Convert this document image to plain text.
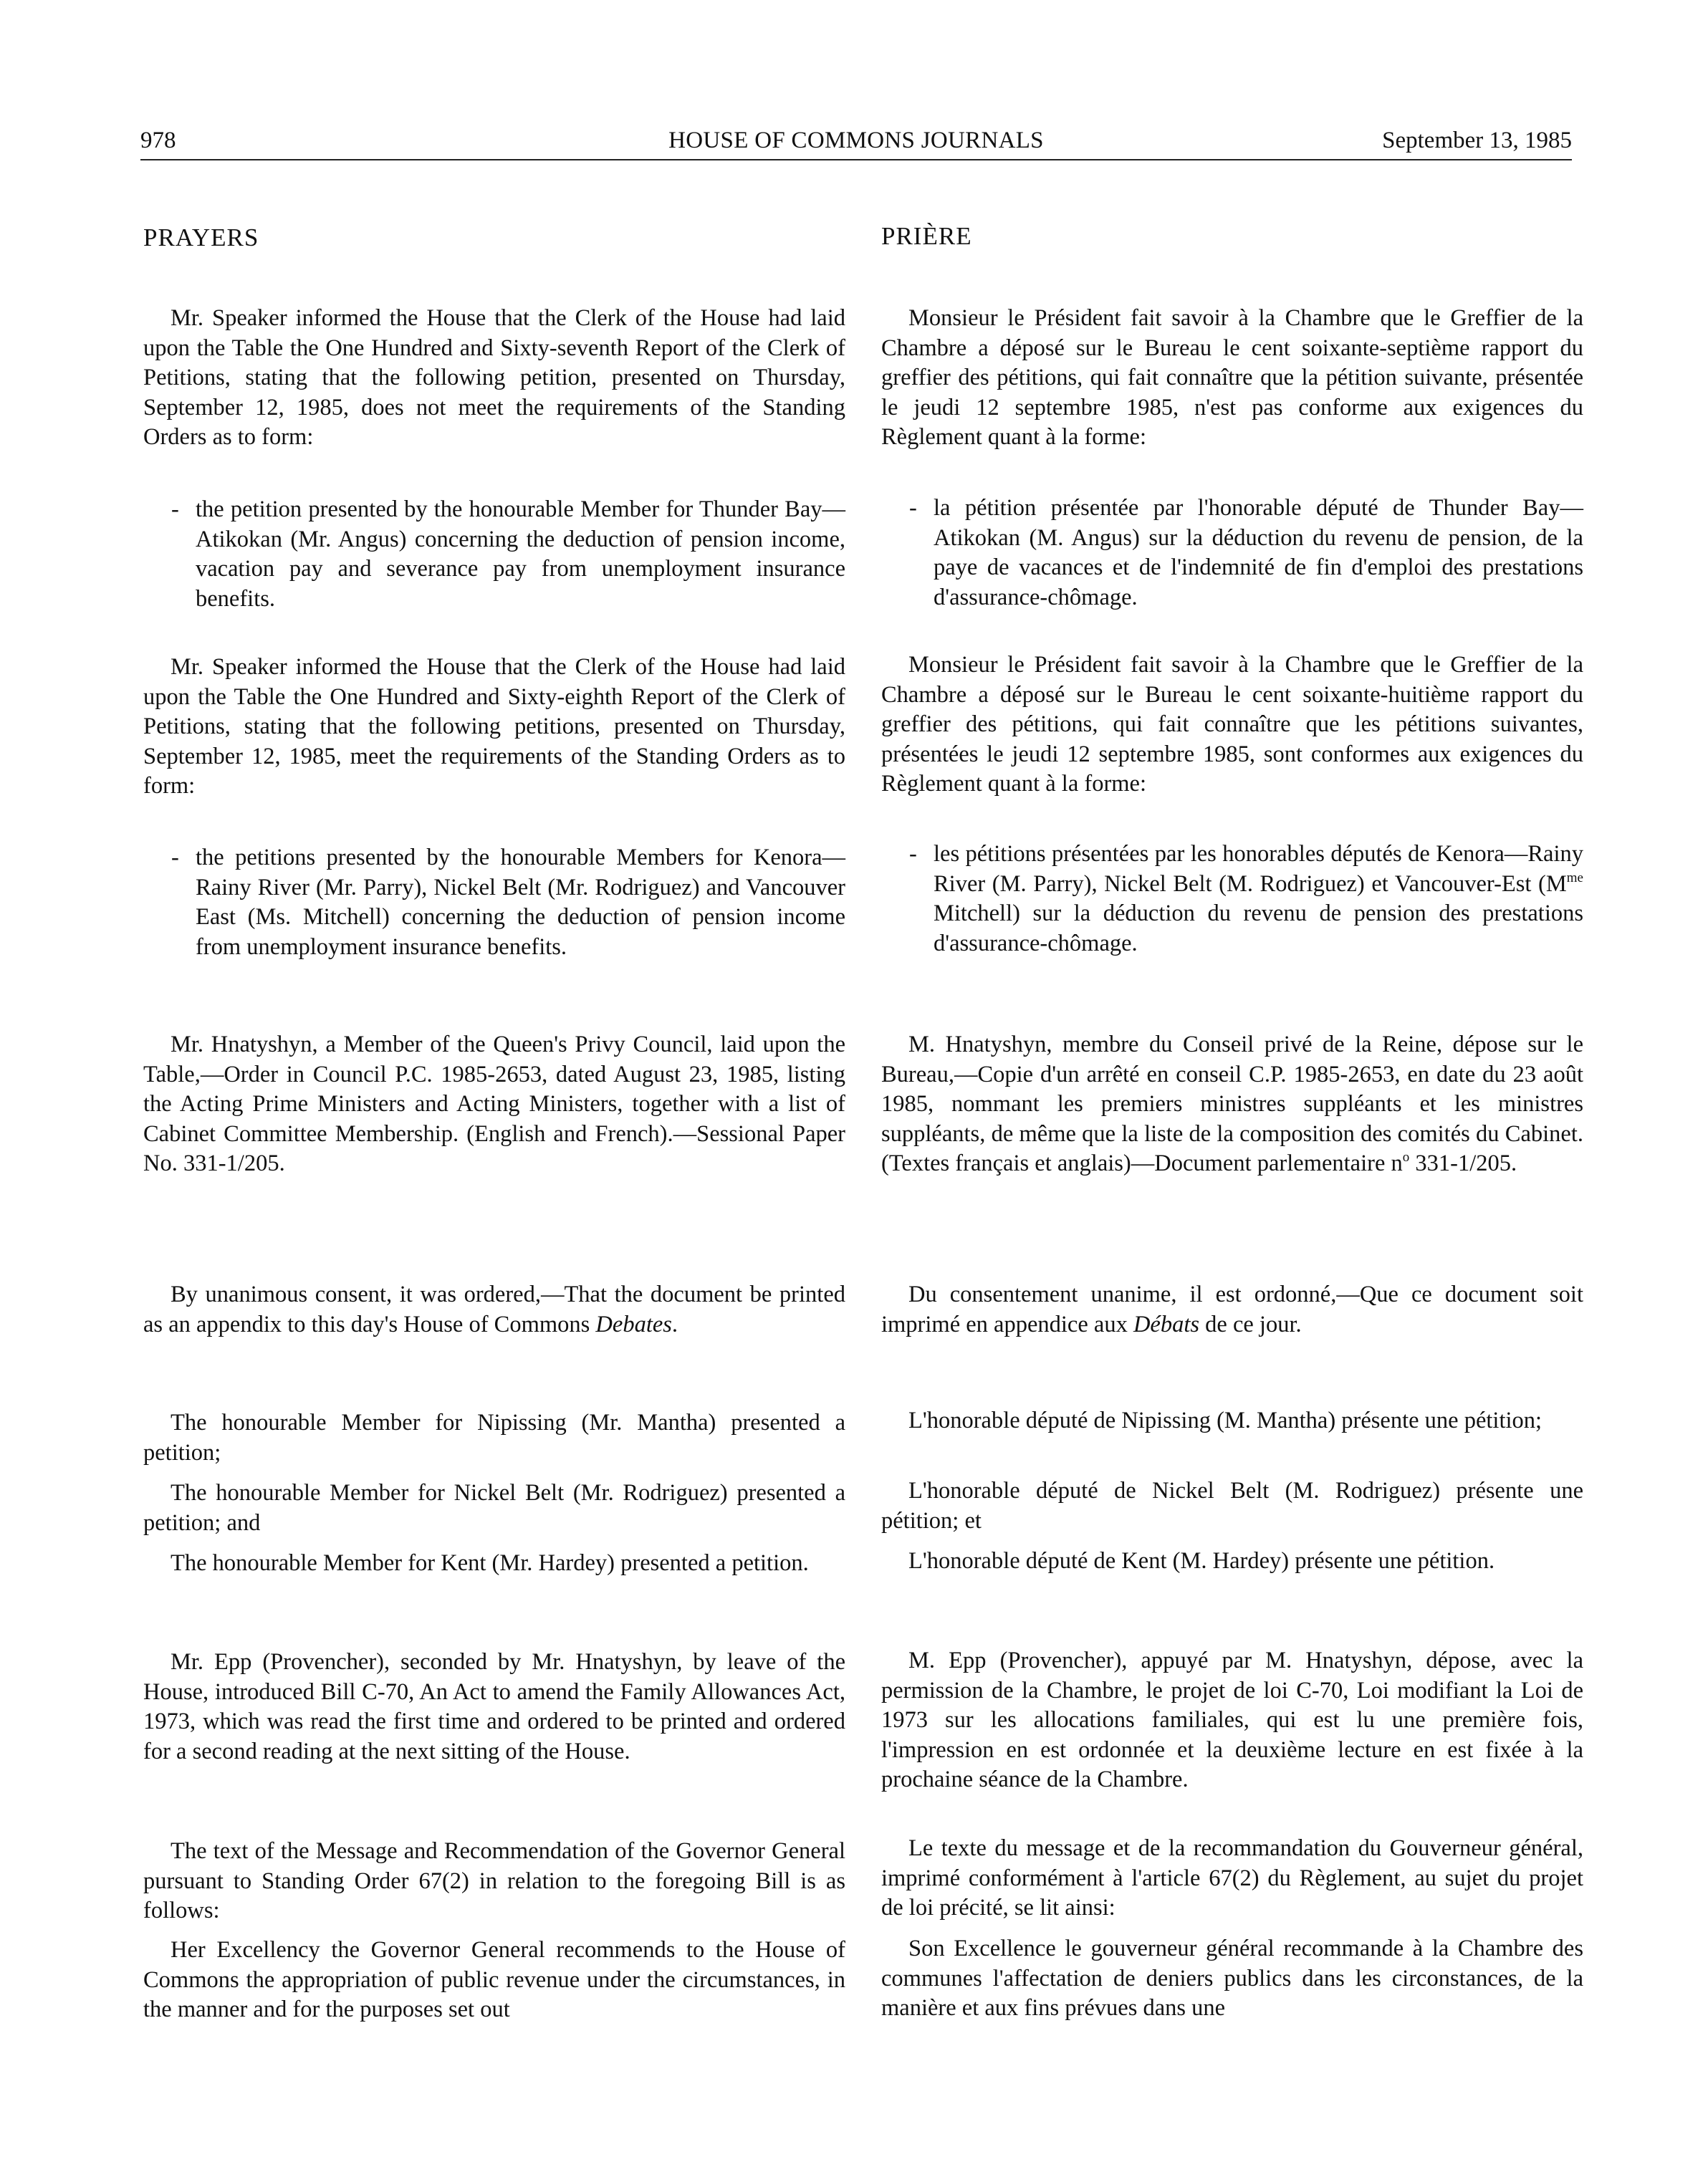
978	HOUSE OF COMMONS JOURNALS	September 13, 1985
PRAYERS

Mr. Speaker informed the House that the Clerk of the House had laid upon the Table the One Hundred and Sixty-seventh Report of the Clerk of Petitions, stating that the following petition, presented on Thursday, September 12, 1985, does not meet the requirements of the Standing Orders as to form:

- the petition presented by the honourable Member for Thunder Bay—Atikokan (Mr. Angus) concerning the deduction of pension income, vacation pay and severance pay from unemployment insurance benefits.

Mr. Speaker informed the House that the Clerk of the House had laid upon the Table the One Hundred and Sixty-eighth Report of the Clerk of Petitions, stating that the following petitions, presented on Thursday, September 12, 1985, meet the requirements of the Standing Orders as to form:

- the petitions presented by the honourable Members for Kenora—Rainy River (Mr. Parry), Nickel Belt (Mr. Rodriguez) and Vancouver East (Ms. Mitchell) concerning the deduction of pension income from unemployment insurance benefits.

Mr. Hnatyshyn, a Member of the Queen's Privy Council, laid upon the Table,—Order in Council P.C. 1985-2653, dated August 23, 1985, listing the Acting Prime Ministers and Acting Ministers, together with a list of Cabinet Committee Membership. (English and French).—Sessional Paper No. 331-1/205.

By unanimous consent, it was ordered,—That the document be printed as an appendix to this day's House of Commons Debates.

The honourable Member for Nipissing (Mr. Mantha) presented a petition;

The honourable Member for Nickel Belt (Mr. Rodriguez) presented a petition; and

The honourable Member for Kent (Mr. Hardey) presented a petition.

Mr. Epp (Provencher), seconded by Mr. Hnatyshyn, by leave of the House, introduced Bill C-70, An Act to amend the Family Allowances Act, 1973, which was read the first time and ordered to be printed and ordered for a second reading at the next sitting of the House.

The text of the Message and Recommendation of the Governor General pursuant to Standing Order 67(2) in relation to the foregoing Bill is as follows:

Her Excellency the Governor General recommends to the House of Commons the appropriation of public revenue under the circumstances, in the manner and for the purposes set out

PRIÈRE

Monsieur le Président fait savoir à la Chambre que le Greffier de la Chambre a déposé sur le Bureau le cent soixante-septième rapport du greffier des pétitions, qui fait connaître que la pétition suivante, présentée le jeudi 12 septembre 1985, n'est pas conforme aux exigences du Règlement quant à la forme:

- la pétition présentée par l'honorable député de Thunder Bay—Atikokan (M. Angus) sur la déduction du revenu de pension, de la paye de vacances et de l'indemnité de fin d'emploi des prestations d'assurance-chômage.

Monsieur le Président fait savoir à la Chambre que le Greffier de la Chambre a déposé sur le Bureau le cent soixante-huitième rapport du greffier des pétitions, qui fait connaître que les pétitions suivantes, présentées le jeudi 12 septembre 1985, sont conformes aux exigences du Règlement quant à la forme:

- les pétitions présentées par les honorables députés de Kenora—Rainy River (M. Parry), Nickel Belt (M. Rodriguez) et Vancouver-Est ($M^{me}$ Mitchell) sur la déduction du revenu de pension des prestations d'assurance-chômage.

M. Hnatyshyn, membre du Conseil privé de la Reine, dépose sur le Bureau,—Copie d'un arrêté en conseil C.P. 1985-2653, en date du 23 août 1985, nommant les premiers ministres suppléants et les ministres suppléants, de même que la liste de la composition des comités du Cabinet. (Textes français et anglais)—Document parlementaire $n^o$ 331-1/205.

Du consentement unanime, il est ordonné,—Que ce document soit imprimé en appendice aux Débats de ce jour.

L'honorable député de Nipissing (M. Mantha) présente une pétition;

L'honorable député de Nickel Belt (M. Rodriguez) présente une pétition; et

L'honorable député de Kent (M. Hardey) présente une pétition.

M. Epp (Provencher), appuyé par M. Hnatyshyn, dépose, avec la permission de la Chambre, le projet de loi C-70, Loi modifiant la Loi de 1973 sur les allocations familiales, qui est lu une première fois, l'impression en est ordonnée et la deuxième lecture en est fixée à la prochaine séance de la Chambre.

Le texte du message et de la recommandation du Gouverneur général, imprimé conformément à l'article 67(2) du Règlement, au sujet du projet de loi précité, se lit ainsi:

Son Excellence le gouverneur général recommande à la Chambre des communes l'affectation de deniers publics dans les circonstances, de la manière et aux fins prévues dans une
